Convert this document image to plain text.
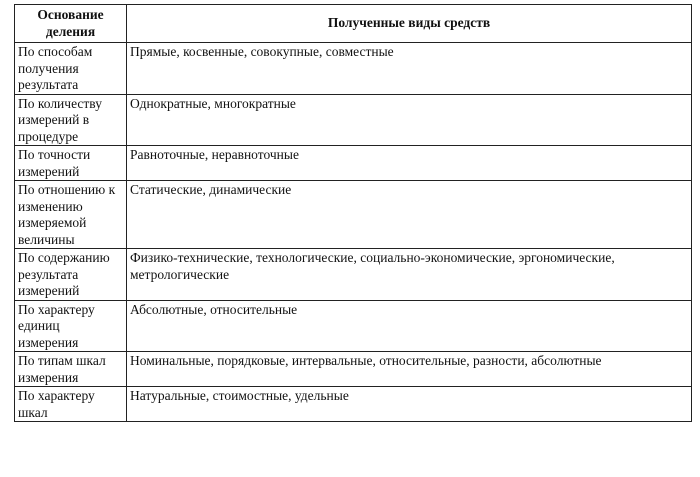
Основание деления	Полученные виды средств
По способам получения результата	Прямые, косвенные, совокупные, совместные
По количеству измерений в процедуре	Однократные, многократные
По точности измерений	Равноточные, неравноточные
По отношению к изменению измеряемой величины	Статические, динамические
По содержанию результата измерений	Физико-технические, технологические, социально-экономические, эргономические, метрологические
По характеру единиц измерения	Абсолютные, относительные
По типам шкал измерения	Номинальные, порядковые, интервальные, относительные, разности, абсолютные
По характеру шкал	Натуральные, стоимостные, удельные
